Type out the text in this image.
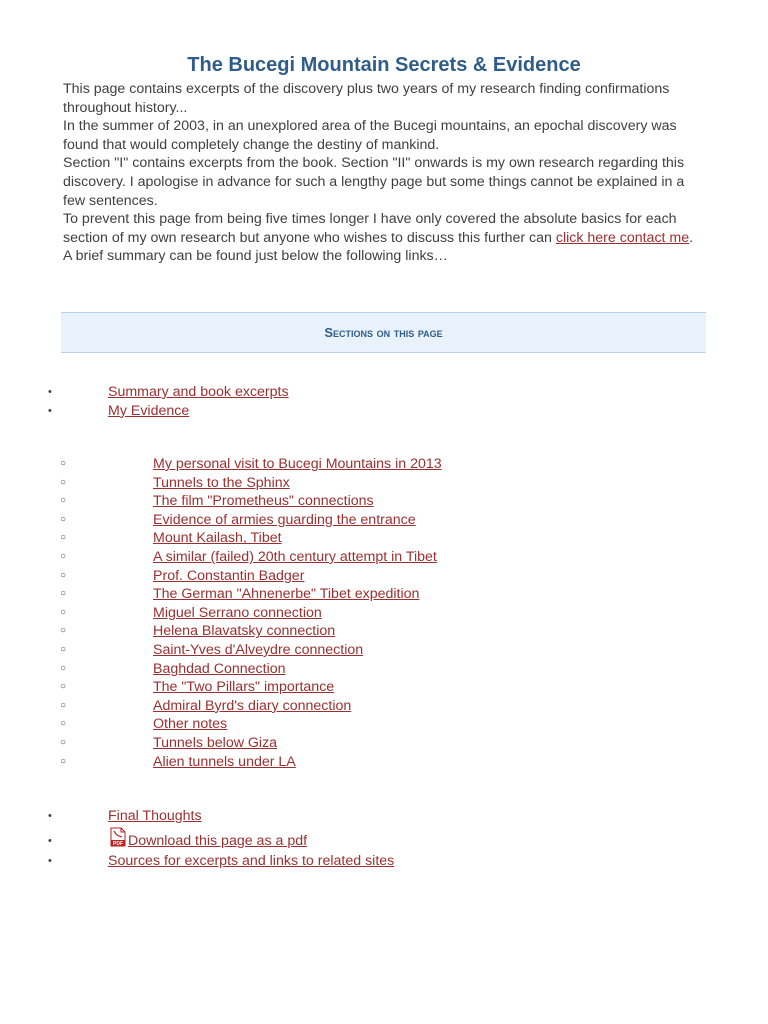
The Bucegi Mountain Secrets & Evidence

This page contains excerpts of the discovery plus two years of my research finding confirmations throughout history...

In the summer of 2003, in an unexplored area of the Bucegi mountains, an epochal discovery was found that would completely change the destiny of mankind.

Section "I" contains excerpts from the book. Section "II" onwards is my own research regarding this discovery. I apologise in advance for such a lengthy page but some things cannot be explained in a few sentences.

To prevent this page from being five times longer I have only covered the absolute basics for each section of my own research but anyone who wishes to discuss this further can click here contact me. A brief summary can be found just below the following links…

Sections on this page
•	Summary and book excerpts
•	My Evidence
○	My personal visit to Bucegi Mountains in 2013
○	Tunnels to the Sphinx
○	The film "Prometheus" connections
○	Evidence of armies guarding the entrance
○	Mount Kailash, Tibet
○	A similar (failed) 20th century attempt in Tibet
○	Prof. Constantin Badger
○	The German "Ahnenerbe" Tibet expedition
○	Miguel Serrano connection
○	Helena Blavatsky connection
○	Saint-Yves d'Alveydre connection
○	Baghdad Connection
○	The "Two Pillars" importance
○	Admiral Byrd's diary connection
○	Other notes
○	Tunnels below Giza
○	Alien tunnels under LA
•	Final Thoughts
•	PDF Download this page as a pdf
•	Sources for excerpts and links to related sites
